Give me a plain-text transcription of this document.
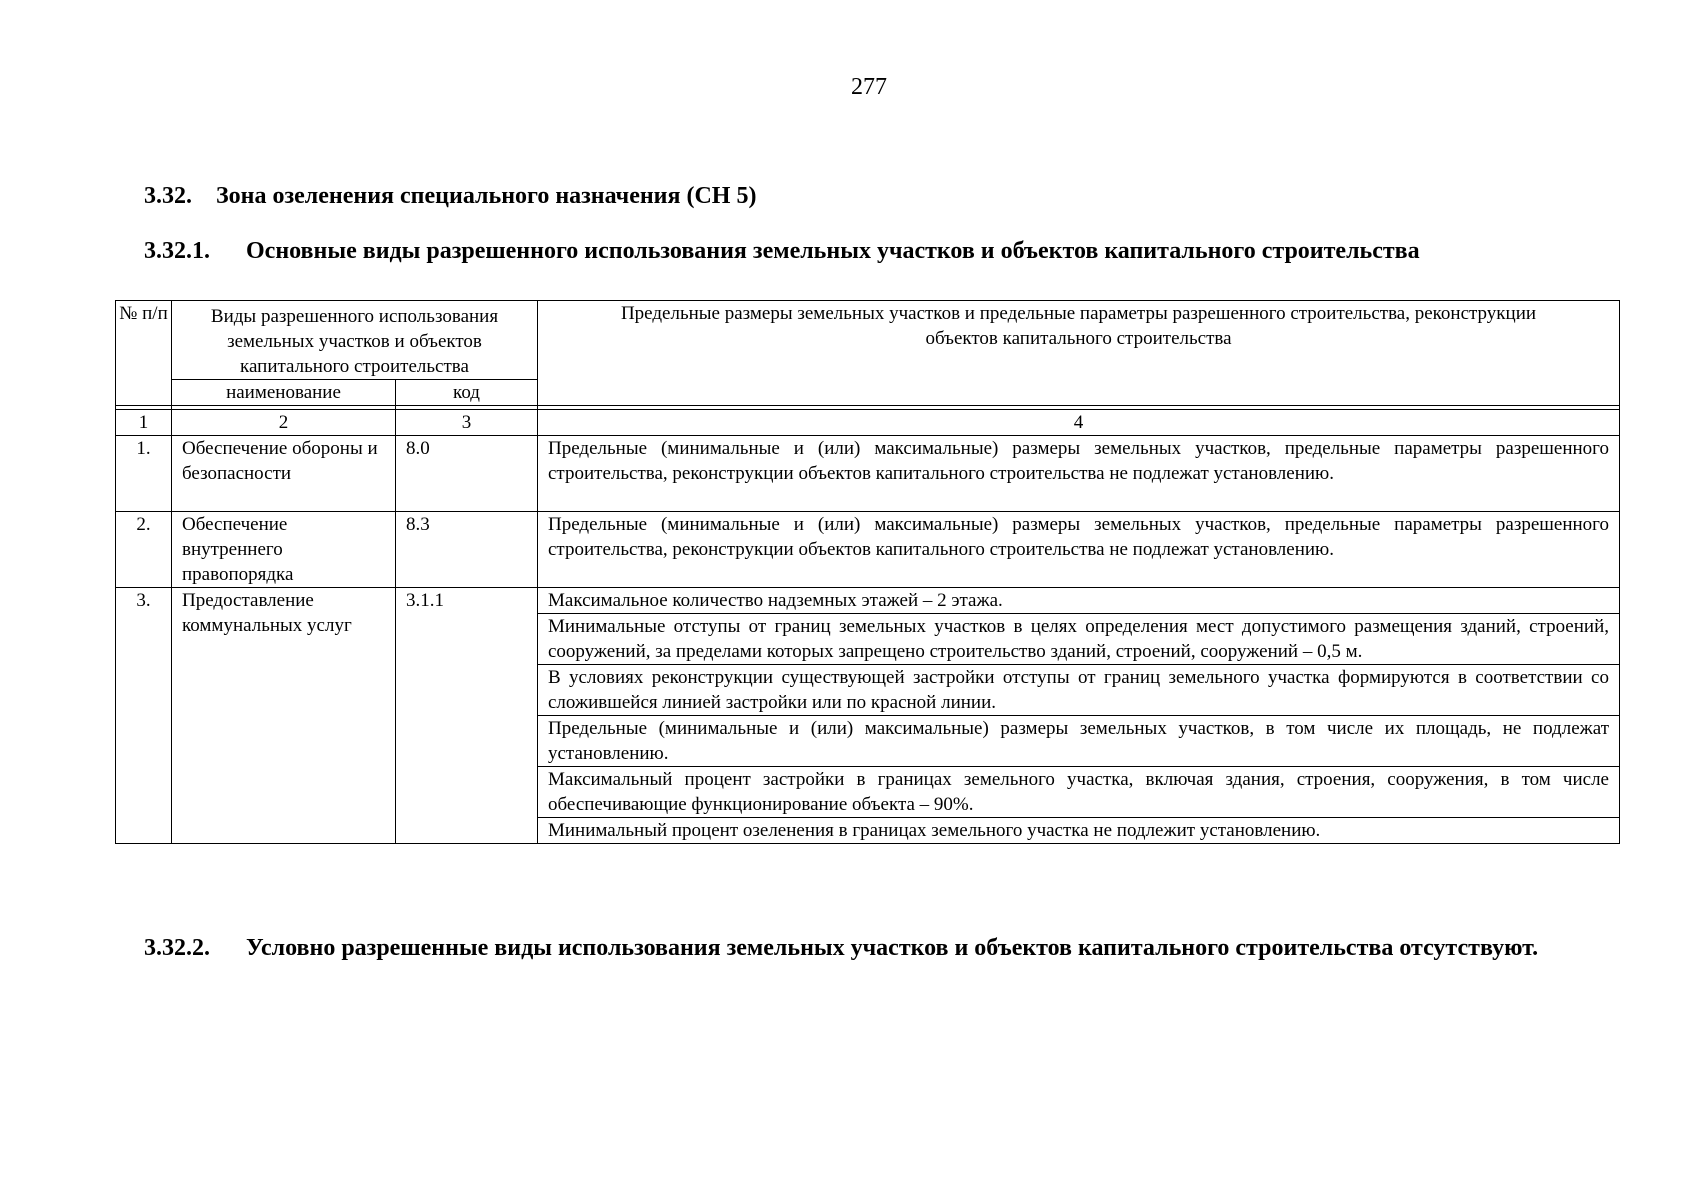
277
3.32.	Зона озеленения специального назначения (СН 5)
3.32.1.	Основные виды разрешенного использования земельных участков и объектов капитального строительства
№ п/п	Виды разрешенного использования земельных участков и объектов капитального строительства		Предельные размеры земельных участков и предельные параметры разрешенного строительства, реконструкции объектов капитального строительства
	наименование	код	

1	2	3	4
1.	Обеспечение обороны и безопасности	8.0	Предельные (минимальные и (или) максимальные) размеры земельных участков, предельные параметры разрешенного строительства, реконструкции объектов капитального строительства не подлежат установлению.
2.	Обеспечение внутреннего правопорядка	8.3	Предельные (минимальные и (или) максимальные) размеры земельных участков, предельные параметры разрешенного строительства, реконструкции объектов капитального строительства не подлежат установлению.
3.	Предоставление коммунальных услуг	3.1.1	Максимальное количество надземных этажей – 2 этажа.
			Минимальные отступы от границ земельных участков в целях определения мест допустимого размещения зданий, строений, сооружений, за пределами которых запрещено строительство зданий, строений, сооружений – 0,5 м.
			В условиях реконструкции существующей застройки отступы от границ земельного участка формируются в соответствии со сложившейся линией застройки или по красной линии.
			Предельные (минимальные и (или) максимальные) размеры земельных участков, в том числе их площадь, не подлежат установлению.
			Максимальный процент застройки в границах земельного участка, включая здания, строения, сооружения, в том числе обеспечивающие функционирование объекта – 90%.
			Минимальный процент озеленения в границах земельного участка не подлежит установлению.
3.32.2.	Условно разрешенные виды использования земельных участков и объектов капитального строительства отсутствуют.
